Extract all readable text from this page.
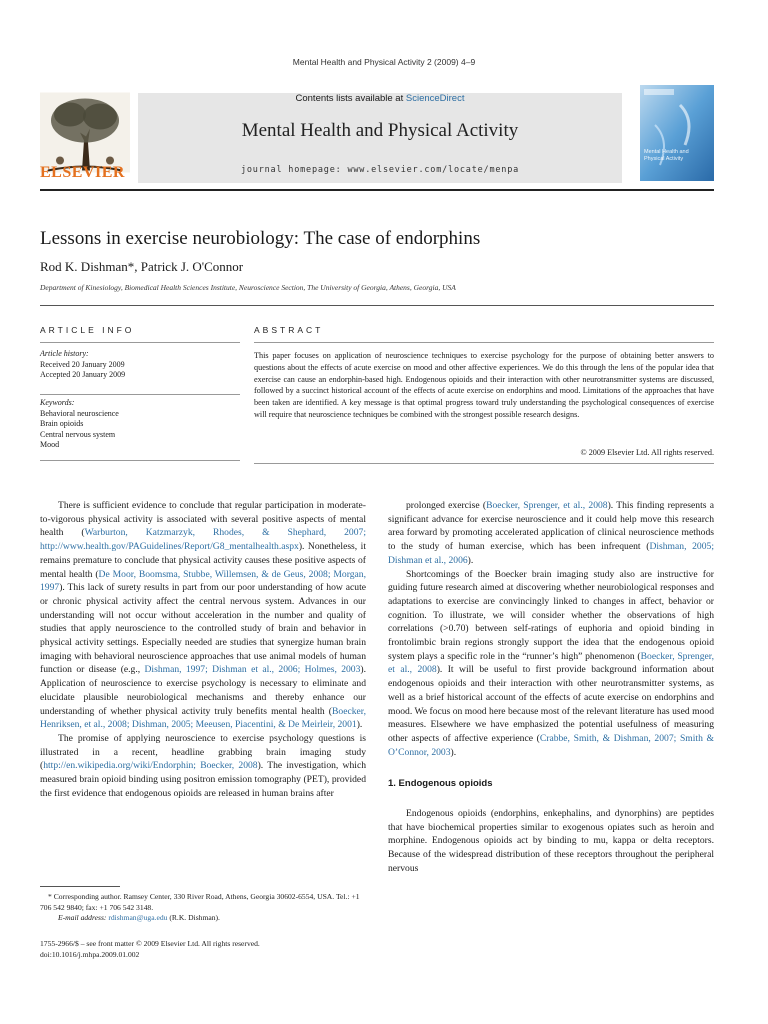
Mental Health and Physical Activity 2 (2009) 4–9
Contents lists available at ScienceDirect
Mental Health and Physical Activity
journal homepage: www.elsevier.com/locate/menpa
ELSEVIER
Mental Health and
Physical Activity
Lessons in exercise neurobiology: The case of endorphins
Rod K. Dishman*, Patrick J. O'Connor
Department of Kinesiology, Biomedical Health Sciences Institute, Neuroscience Section, The University of Georgia, Athens, Georgia, USA
ARTICLE INFO	ABSTRACT
Article history:
Received 20 January 2009
Accepted 20 January 2009
Keywords:
Behavioral neuroscience
Brain opioids
Central nervous system
Mood
This paper focuses on application of neuroscience techniques to exercise psychology for the purpose of obtaining better answers to questions about the effects of acute exercise on mood and other affective experiences. We do this through the lens of the popular idea that exercise can cause an endorphin-based high. Endogenous opioids and their interaction with other neurotransmitter systems are discussed, followed by a succinct historical account of the effects of acute exercise on endorphins and mood. Limitations of the approaches that have been taken are identified. A key message is that optimal progress toward truly understanding the psychological consequences of exercise will require that neuroscience techniques be combined with the strongest possible research designs.
© 2009 Elsevier Ltd. All rights reserved.

There is sufficient evidence to conclude that regular participation in moderate-to-vigorous physical activity is associated with several positive aspects of mental health (Warburton, Katzmarzyk, Rhodes, & Shephard, 2007; http://www.health.gov/PAGuidelines/Report/G8_mentalhealth.aspx). Nonetheless, it remains premature to conclude that physical activity causes these positive aspects of mental health (De Moor, Boomsma, Stubbe, Willemsen, & de Geus, 2008; Morgan, 1997). This lack of surety results in part from our poor understanding of how acute or chronic physical activity affect the central nervous system. Advances in our understanding will not occur without acceleration in the number and quality of studies that apply neuroscience to the controlled study of brain and behavior in physical activity settings. Especially needed are studies that synergize human brain imaging with behavioral neuroscience approaches that use animal models of human function or disease (e.g., Dishman, 1997; Dishman et al., 2006; Holmes, 2003). Application of neuroscience to exercise psychology is necessary to eliminate and elucidate plausible neurobiological mechanisms and thereby enhance our understanding of whether physical activity truly benefits mental health (Boecker, Henriksen, et al., 2008; Dishman, 2005; Meeusen, Piacentini, & De Meirleir, 2001).

The promise of applying neuroscience to exercise psychology questions is illustrated in a recent, headline grabbing brain imaging study (http://en.wikipedia.org/wiki/Endorphin; Boecker, 2008). The investigation, which measured brain opioid binding using positron emission tomography (PET), provided the first evidence that endogenous opioids are released in human brains after

prolonged exercise (Boecker, Sprenger, et al., 2008). This finding represents a significant advance for exercise neuroscience and it could help move this research area forward by promoting accelerated application of clinical neuroscience methods to the study of human exercise, which has been infrequent (Dishman, 2005; Dishman et al., 2006).

Shortcomings of the Boecker brain imaging study also are instructive for guiding future research aimed at discovering whether neurobiological responses and adaptations to exercise are convincingly linked to changes in affect, behavior or cognition. To illustrate, we will consider whether the observations of high correlations (>0.70) between self-ratings of euphoria and opioid binding in frontolimbic brain regions strongly support the idea that the endogenous opioid system plays a specific role in the “runner’s high” phenomenon (Boecker, Sprenger, et al., 2008). It will be useful to first provide background information about endogenous opioids and their interaction with other neurotransmitter systems, as well as a brief historical account of the effects of acute exercise on endorphins and mood. We focus on mood here because most of the relevant literature has used mood measures. Elsewhere we have emphasized the potential usefulness of measuring other aspects of affective experience (Crabbe, Smith, & Dishman, 2007; Smith & O’Connor, 2003).

1. Endogenous opioids

Endogenous opioids (endorphins, enkephalins, and dynorphins) are peptides that have biochemical properties similar to exogenous opiates such as heroin and morphine. Endogenous opioids act by binding to mu, kappa or delta receptors. Because of the widespread distribution of these receptors throughout the peripheral nervous

* Corresponding author. Ramsey Center, 330 River Road, Athens, Georgia 30602-6554, USA. Tel.: +1 706 542 9840; fax: +1 706 542 3148.
E-mail address: rdishman@uga.edu (R.K. Dishman).
1755-2966/$ – see front matter © 2009 Elsevier Ltd. All rights reserved.
doi:10.1016/j.mhpa.2009.01.002
